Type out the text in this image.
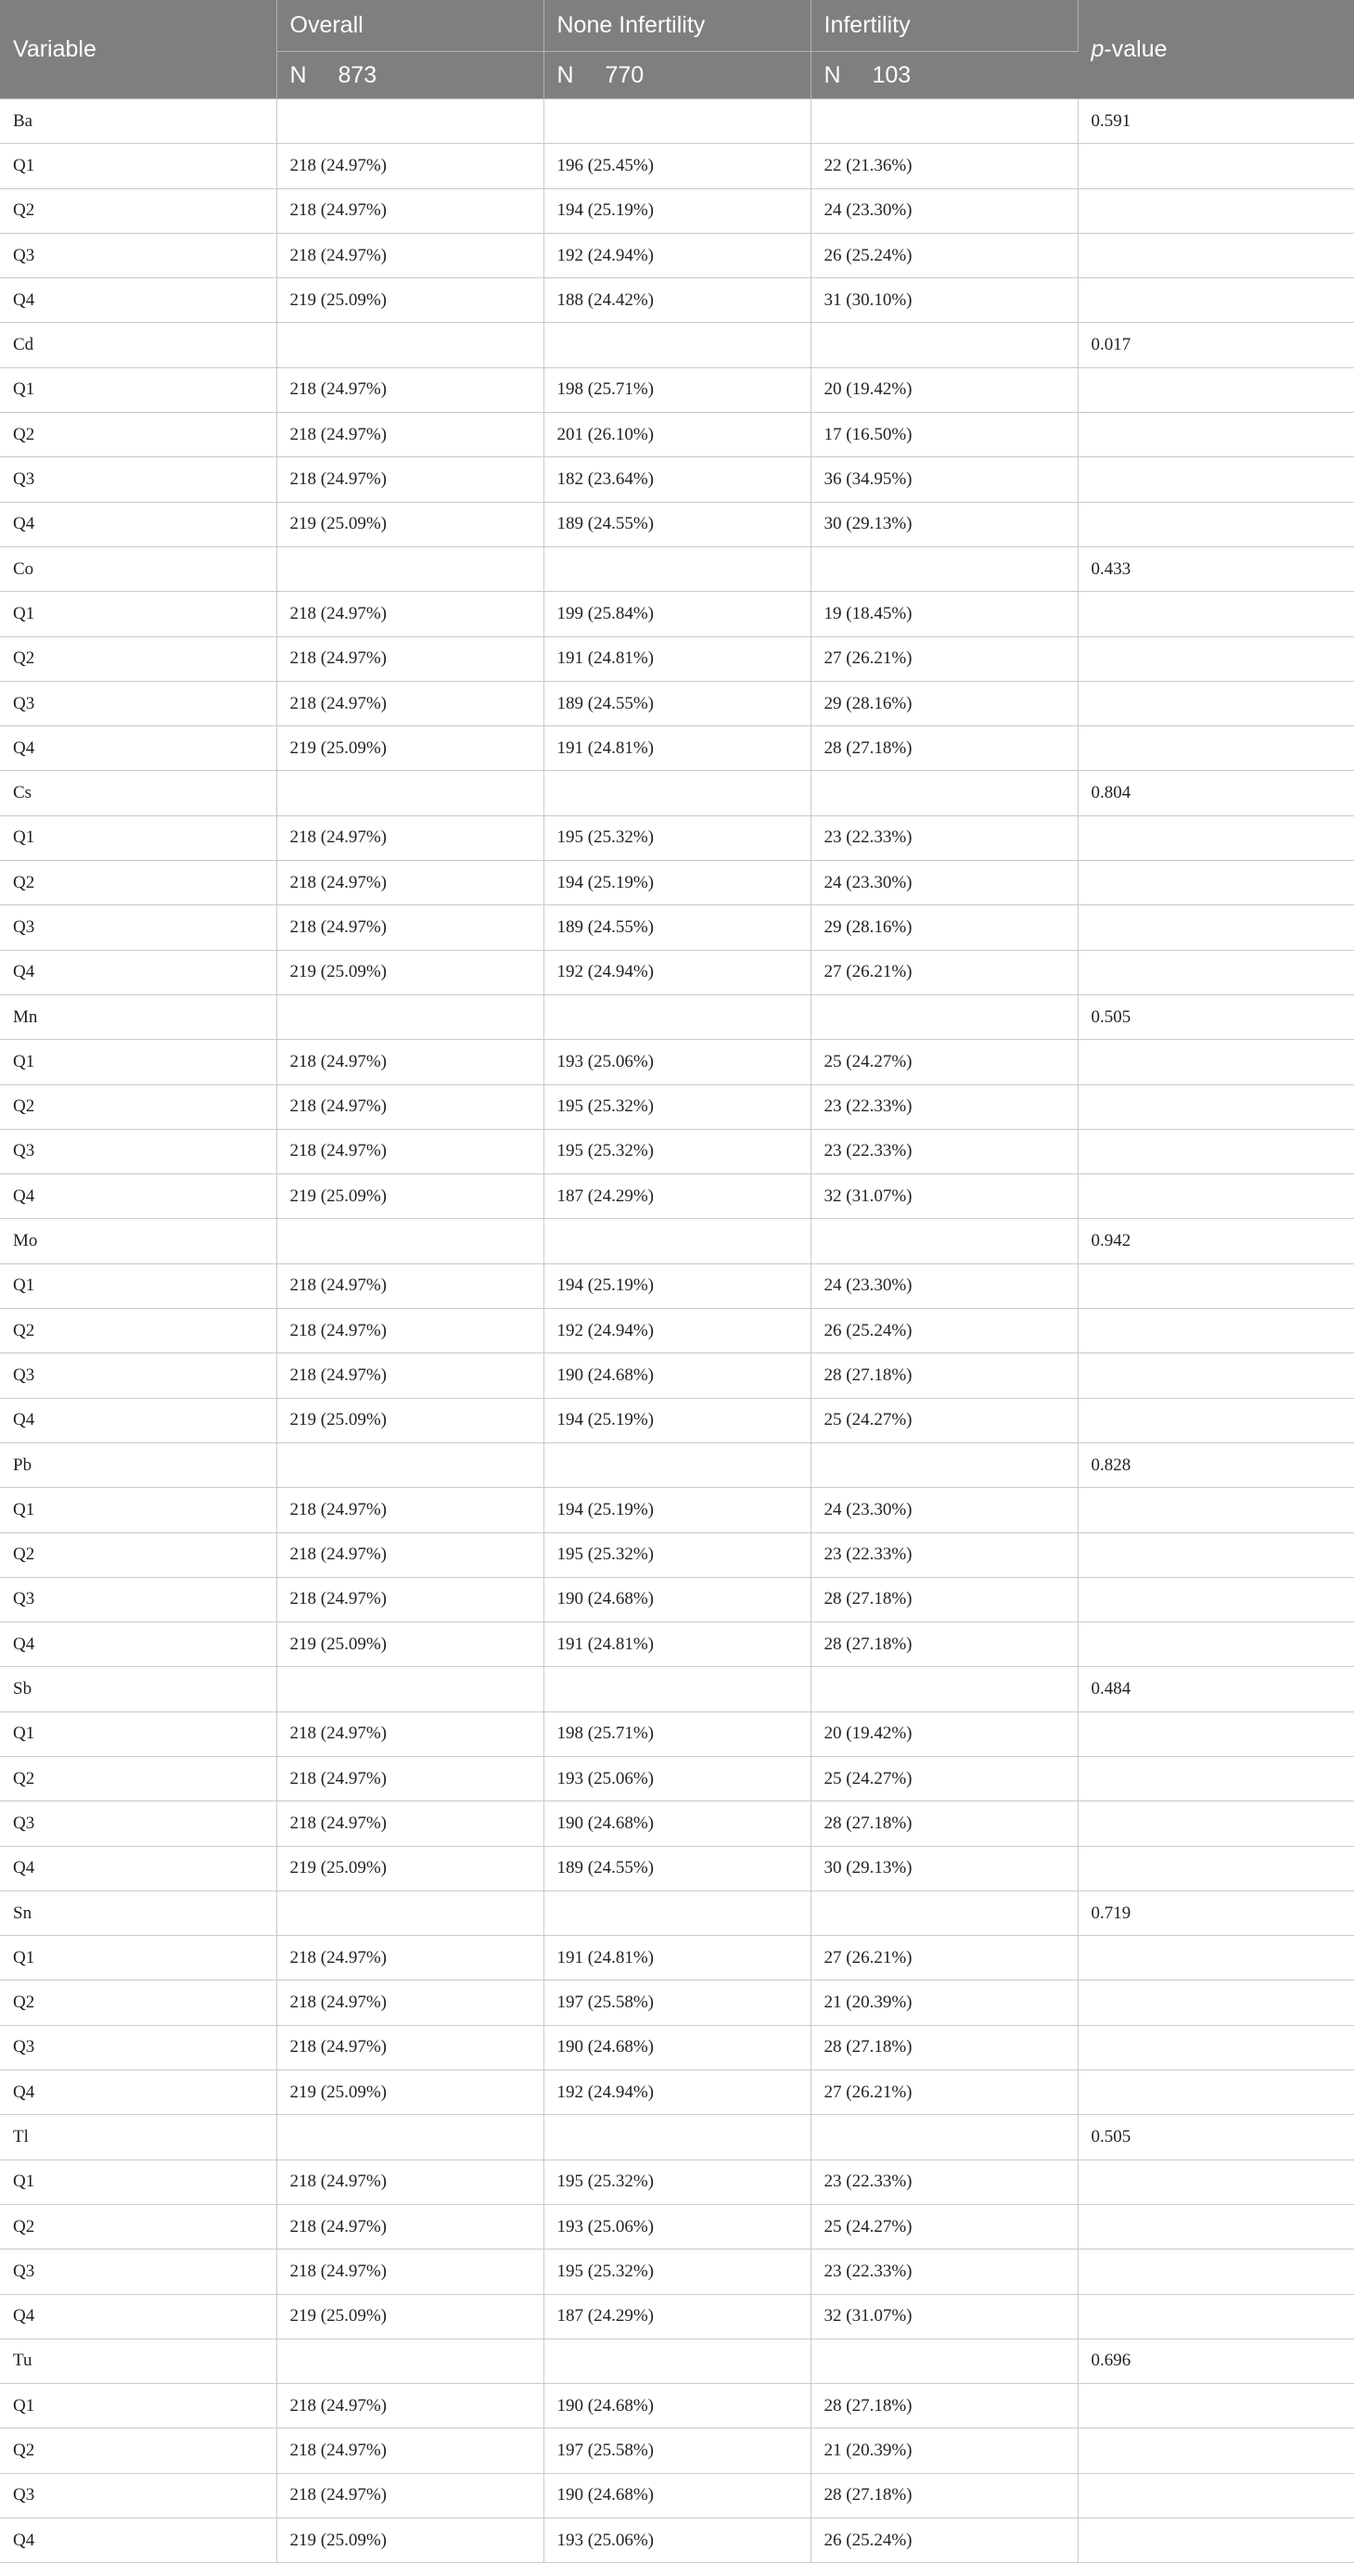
Variable	Overall	None Infertility	Infertility	p-value
	N 873	N 770	N 103	
Ba				0.591
Q1	218 (24.97%)	196 (25.45%)	22 (21.36%)	
Q2	218 (24.97%)	194 (25.19%)	24 (23.30%)	
Q3	218 (24.97%)	192 (24.94%)	26 (25.24%)	
Q4	219 (25.09%)	188 (24.42%)	31 (30.10%)	
Cd				0.017
Q1	218 (24.97%)	198 (25.71%)	20 (19.42%)	
Q2	218 (24.97%)	201 (26.10%)	17 (16.50%)	
Q3	218 (24.97%)	182 (23.64%)	36 (34.95%)	
Q4	219 (25.09%)	189 (24.55%)	30 (29.13%)	
Co				0.433
Q1	218 (24.97%)	199 (25.84%)	19 (18.45%)	
Q2	218 (24.97%)	191 (24.81%)	27 (26.21%)	
Q3	218 (24.97%)	189 (24.55%)	29 (28.16%)	
Q4	219 (25.09%)	191 (24.81%)	28 (27.18%)	
Cs				0.804
Q1	218 (24.97%)	195 (25.32%)	23 (22.33%)	
Q2	218 (24.97%)	194 (25.19%)	24 (23.30%)	
Q3	218 (24.97%)	189 (24.55%)	29 (28.16%)	
Q4	219 (25.09%)	192 (24.94%)	27 (26.21%)	
Mn				0.505
Q1	218 (24.97%)	193 (25.06%)	25 (24.27%)	
Q2	218 (24.97%)	195 (25.32%)	23 (22.33%)	
Q3	218 (24.97%)	195 (25.32%)	23 (22.33%)	
Q4	219 (25.09%)	187 (24.29%)	32 (31.07%)	
Mo				0.942
Q1	218 (24.97%)	194 (25.19%)	24 (23.30%)	
Q2	218 (24.97%)	192 (24.94%)	26 (25.24%)	
Q3	218 (24.97%)	190 (24.68%)	28 (27.18%)	
Q4	219 (25.09%)	194 (25.19%)	25 (24.27%)	
Pb				0.828
Q1	218 (24.97%)	194 (25.19%)	24 (23.30%)	
Q2	218 (24.97%)	195 (25.32%)	23 (22.33%)	
Q3	218 (24.97%)	190 (24.68%)	28 (27.18%)	
Q4	219 (25.09%)	191 (24.81%)	28 (27.18%)	
Sb				0.484
Q1	218 (24.97%)	198 (25.71%)	20 (19.42%)	
Q2	218 (24.97%)	193 (25.06%)	25 (24.27%)	
Q3	218 (24.97%)	190 (24.68%)	28 (27.18%)	
Q4	219 (25.09%)	189 (24.55%)	30 (29.13%)	
Sn				0.719
Q1	218 (24.97%)	191 (24.81%)	27 (26.21%)	
Q2	218 (24.97%)	197 (25.58%)	21 (20.39%)	
Q3	218 (24.97%)	190 (24.68%)	28 (27.18%)	
Q4	219 (25.09%)	192 (24.94%)	27 (26.21%)	
Tl				0.505
Q1	218 (24.97%)	195 (25.32%)	23 (22.33%)	
Q2	218 (24.97%)	193 (25.06%)	25 (24.27%)	
Q3	218 (24.97%)	195 (25.32%)	23 (22.33%)	
Q4	219 (25.09%)	187 (24.29%)	32 (31.07%)	
Tu				0.696
Q1	218 (24.97%)	190 (24.68%)	28 (27.18%)	
Q2	218 (24.97%)	197 (25.58%)	21 (20.39%)	
Q3	218 (24.97%)	190 (24.68%)	28 (27.18%)	
Q4	219 (25.09%)	193 (25.06%)	26 (25.24%)	
